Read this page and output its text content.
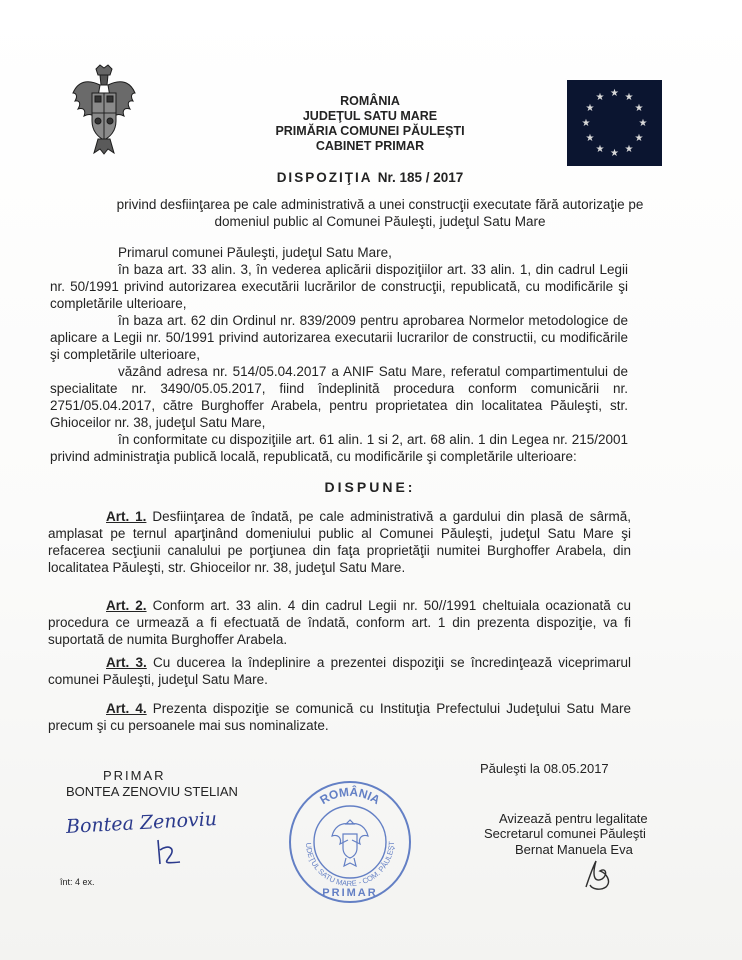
ROMÂNIA
JUDEŢUL SATU MARE
PRIMĂRIA COMUNEI PĂULEŞTI
CABINET PRIMAR
★ ★
★
★
★
★
★
★
★
★
★
★
DISPOZIŢIA Nr. 185 / 2017
privind desfiinţarea pe cale administrativă a unei construcţii executate fără autorizaţie pe
domeniul public al Comunei Păuleşti, judeţul Satu Mare
Primarul comunei Păuleşti, judeţul Satu Mare,
în baza art. 33 alin. 3, în vederea aplicării dispoziţiilor art. 33 alin. 1, din cadrul Legii nr. 50/1991 privind autorizarea executării lucrărilor de construcţii, republicată, cu modificările şi completările ulterioare,
în baza art. 62 din Ordinul nr. 839/2009 pentru aprobarea Normelor metodologice de aplicare a Legii nr. 50/1991 privind autorizarea executarii lucrarilor de constructii, cu modificările şi completările ulterioare,
văzând adresa nr. 514/05.04.2017 a ANIF Satu Mare, referatul compartimentului de specialitate nr. 3490/05.05.2017, fiind îndeplinită procedura conform comunicării nr. 2751/05.04.2017, către Burghoffer Arabela, pentru proprietatea din localitatea Păuleşti, str. Ghioceilor nr. 38, judeţul Satu Mare,
în conformitate cu dispoziţiile art. 61 alin. 1 si 2, art. 68 alin. 1 din Legea nr. 215/2001 privind administraţia publică locală, republicată, cu modificările şi completările ulterioare:
DISPUNE:
Art. 1. Desfiinţarea de îndată, pe cale administrativă a gardului din plasă de sârmă, amplasat pe ternul aparţinând domeniului public al Comunei Păuleşti, judeţul Satu Mare şi refacerea secţiunii canalului pe porţiunea din faţa proprietăţii numitei Burghoffer Arabela, din localitatea Păuleşti, str. Ghioceilor nr. 38, judeţul Satu Mare.
Art. 2. Conform art. 33 alin. 4 din cadrul Legii nr. 50//1991 cheltuiala ocazionată cu procedura ce urmează a fi efectuată de îndată, conform art. 1 din prezenta dispoziţie, va fi suportată de numita Burghoffer Arabela.
Art. 3. Cu ducerea la îndeplinire a prezentei dispoziţii se încredinţează viceprimarul comunei Păuleşti, judeţul Satu Mare.
Art. 4. Prezenta dispoziţie se comunică cu Instituţia Prefectului Judeţului Satu Mare precum şi cu persoanele mai sus nominalizate.
Păuleşti la 08.05.2017
PRIMAR
BONTEA ZENOVIU STELIAN
Bontea Zenoviu
înt: 4 ex.
ROMÂNIA
UDEŢUL SATU MARE - COM. PĂULEŞT
PRIMAR
Avizează pentru legalitate
Secretarul comunei Păuleşti
Bernat Manuela Eva
